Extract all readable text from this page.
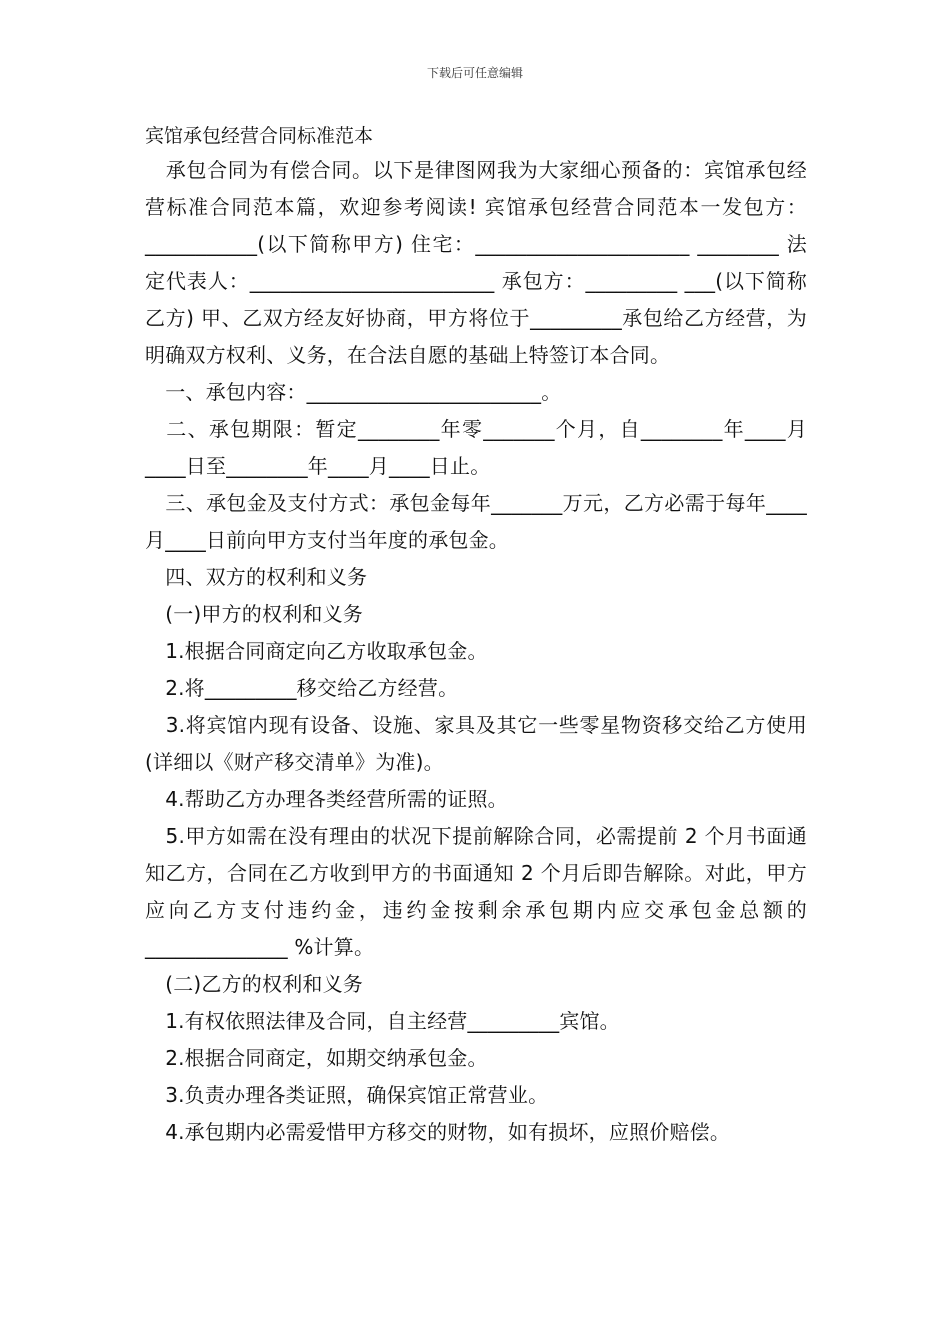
下载后可任意编辑
宾馆承包经营合同标准范本

　承包合同为有偿合同。以下是律图网我为大家细心预备的：宾馆承包经营标准合同范本篇，欢迎参考阅读! 宾馆承包经营合同范本一发包方：___________(以下简称甲方) 住宅：_____________________ ________ 法定代表人：________________________ 承包方：_________ ___(以下简称乙方) 甲、乙双方经友好协商，甲方将位于_________承包给乙方经营，为明确双方权利、义务，在合法自愿的基础上特签订本合同。

　一、承包内容：_______________________。

　二、承包期限：暂定________年零_______个月，自________年____月____日至________年____月____日止。

　三、承包金及支付方式：承包金每年_______万元，乙方必需于每年____月____日前向甲方支付当年度的承包金。

　四、双方的权利和义务

　(一)甲方的权利和义务

　1.根据合同商定向乙方收取承包金。

　2.将_________移交给乙方经营。

　3.将宾馆内现有设备、设施、家具及其它一些零星物资移交给乙方使用(详细以《财产移交清单》为准)。

　4.帮助乙方办理各类经营所需的证照。

　5.甲方如需在没有理由的状况下提前解除合同，必需提前 2 个月书面通知乙方，合同在乙方收到甲方的书面通知 2 个月后即告解除。对此，甲方应向乙方支付违约金，违约金按剩余承包期内应交承包金总额的______________ %计算。

　(二)乙方的权利和义务

　1.有权依照法律及合同，自主经营_________宾馆。

　2.根据合同商定，如期交纳承包金。

　3.负责办理各类证照，确保宾馆正常营业。

　4.承包期内必需爱惜甲方移交的财物，如有损坏，应照价赔偿。
